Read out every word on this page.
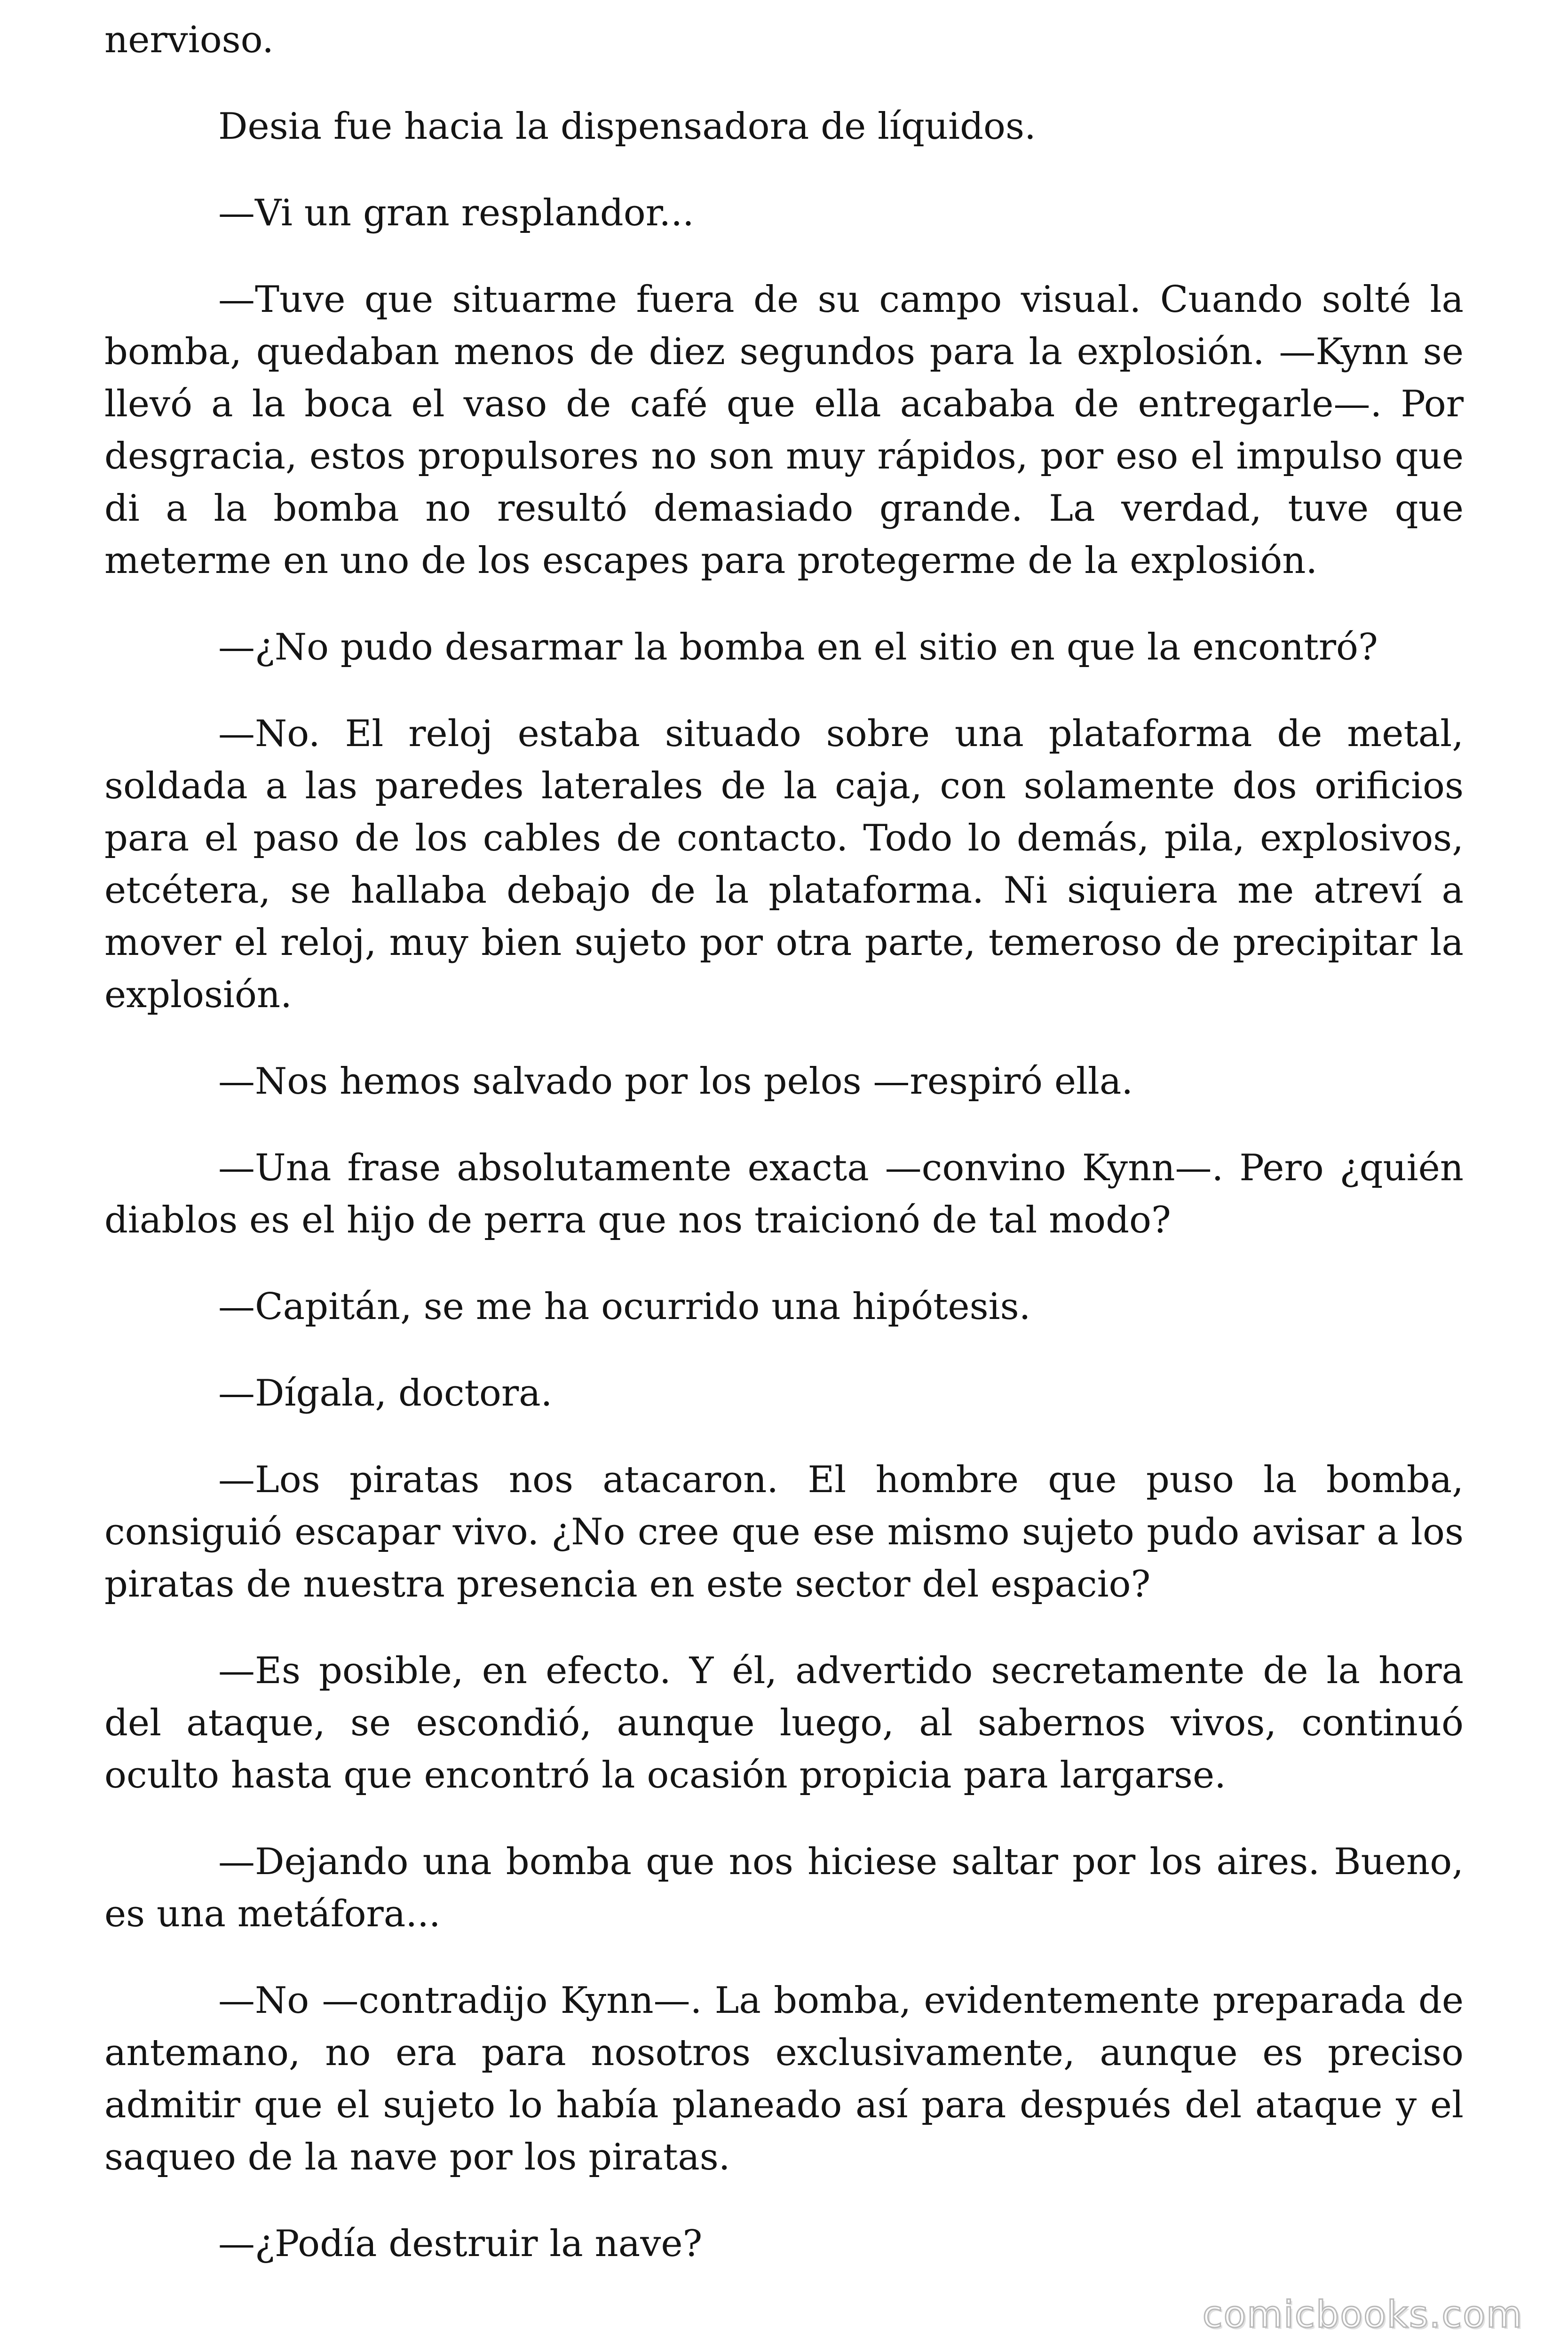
nervioso.

Desia fue hacia la dispensadora de líquidos.

—Vi un gran resplandor...

—Tuve que situarme fuera de su campo visual. Cuando solté la bomba, quedaban menos de diez segundos para la explosión. —Kynn se llevó a la boca el vaso de café que ella acababa de entregarle—. Por desgracia, estos propulsores no son muy rápidos, por eso el impulso que di a la bomba no resultó demasiado grande. La verdad, tuve que meterme en uno de los escapes para protegerme de la explosión.

—¿No pudo desarmar la bomba en el sitio en que la encontró?

—No. El reloj estaba situado sobre una plataforma de metal, soldada a las paredes laterales de la caja, con solamente dos orificios para el paso de los cables de contacto. Todo lo demás, pila, explosivos, etcétera, se hallaba debajo de la plataforma. Ni siquiera me atreví a mover el reloj, muy bien sujeto por otra parte, temeroso de precipitar la explosión.

—Nos hemos salvado por los pelos —respiró ella.

—Una frase absolutamente exacta —convino Kynn—. Pero ¿quién diablos es el hijo de perra que nos traicionó de tal modo?

—Capitán, se me ha ocurrido una hipótesis.

—Dígala, doctora.

—Los piratas nos atacaron. El hombre que puso la bomba, consiguió escapar vivo. ¿No cree que ese mismo sujeto pudo avisar a los piratas de nuestra presencia en este sector del espacio?

—Es posible, en efecto. Y él, advertido secretamente de la hora del ataque, se escondió, aunque luego, al sabernos vivos, continuó oculto hasta que encontró la ocasión propicia para largarse.

—Dejando una bomba que nos hiciese saltar por los aires. Bueno, es una metáfora...

—No —contradijo Kynn—. La bomba, evidentemente preparada de antemano, no era para nosotros exclusivamente, aunque es preciso admitir que el sujeto lo había planeado así para después del ataque y el saqueo de la nave por los piratas.

—¿Podía destruir la nave?

comicbooks.com
